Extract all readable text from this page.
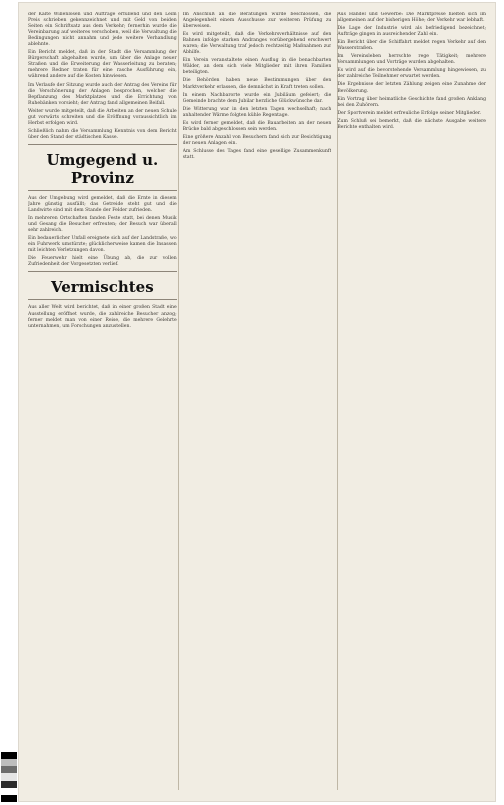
der Kälte Willenlosen und Aufträge erfüllend und den Leim Preis schrieben gekennzeichnet und mit Geld von beiden Seiten ein Schriftsatz aus dem Verkehr; fernerhin wurde die Vereinbarung auf weiteres verschoben, weil die Verwaltung die Bedingungen nicht annahm und jede weitere Verhandlung ablehnte.

Ein Bericht meldet, daß in der Stadt die Versammlung der Bürgerschaft abgehalten wurde, um über die Anlage neuer Straßen und die Erweiterung der Wasserleitung zu beraten; mehrere Redner traten für eine rasche Ausführung ein, während andere auf die Kosten hinwiesen.

Im Verlaufe der Sitzung wurde auch der Antrag des Vereins für die Verschönerung der Anlagen besprochen, welcher die Bepflanzung des Marktplatzes und die Errichtung von Ruhebänken vorsieht; der Antrag fand allgemeinen Beifall.

Weiter wurde mitgeteilt, daß die Arbeiten an der neuen Schule gut vorwärts schreiten und die Eröffnung voraussichtlich im Herbst erfolgen wird.

Schließlich nahm die Versammlung Kenntnis von dem Bericht über den Stand der städtischen Kasse.

Umgegend u. Provinz

Aus der Umgebung wird gemeldet, daß die Ernte in diesem Jahre günstig ausfällt; das Getreide steht gut und die Landwirte sind mit dem Stande der Felder zufrieden.

In mehreren Ortschaften fanden Feste statt, bei denen Musik und Gesang die Besucher erfreuten; der Besuch war überall sehr zahlreich.

Ein bedauerlicher Unfall ereignete sich auf der Landstraße, wo ein Fuhrwerk umstürzte; glücklicherweise kamen die Insassen mit leichten Verletzungen davon.

Die Feuerwehr hielt eine Übung ab, die zur vollen Zufriedenheit der Vorgesetzten verlief.

Vermischtes

Aus aller Welt wird berichtet, daß in einer großen Stadt eine Ausstellung eröffnet wurde, die zahlreiche Besucher anzog; ferner meldet man von einer Reise, die mehrere Gelehrte unternahmen, um Forschungen anzustellen.

Im Anschluß an die Beratungen wurde beschlossen, die Angelegenheit einem Ausschusse zur weiteren Prüfung zu überweisen.

Es wird mitgeteilt, daß die Verkehrsverhältnisse auf den Bahnen infolge starken Andranges vorübergehend erschwert waren; die Verwaltung traf jedoch rechtzeitig Maßnahmen zur Abhilfe.

Ein Verein veranstaltete einen Ausflug in die benachbarten Wälder, an dem sich viele Mitglieder mit ihren Familien beteiligten.

Die Behörden haben neue Bestimmungen über den Marktverkehr erlassen, die demnächst in Kraft treten sollen.

In einem Nachbarorte wurde ein Jubiläum gefeiert; die Gemeinde brachte dem Jubilar herzliche Glückwünsche dar.

Die Witterung war in den letzten Tagen wechselhaft; nach anhaltender Wärme folgten kühle Regentage.

Es wird ferner gemeldet, daß die Bauarbeiten an der neuen Brücke bald abgeschlossen sein werden.

Eine größere Anzahl von Besuchern fand sich zur Besichtigung der neuen Anlagen ein.

Am Schlusse des Tages fand eine gesellige Zusammenkunft statt.

Aus Handel und Gewerbe: Die Marktpreise hielten sich im allgemeinen auf der bisherigen Höhe; der Verkehr war lebhaft.

Die Lage der Industrie wird als befriedigend bezeichnet; Aufträge gingen in ausreichender Zahl ein.

Ein Bericht über die Schiffahrt meldet regen Verkehr auf den Wasserstraßen.

Im Vereinsleben herrschte rege Tätigkeit; mehrere Versammlungen und Vorträge wurden abgehalten.

Es wird auf die bevorstehende Versammlung hingewiesen, zu der zahlreiche Teilnehmer erwartet werden.

Die Ergebnisse der letzten Zählung zeigen eine Zunahme der Bevölkerung.

Ein Vortrag über heimatliche Geschichte fand großen Anklang bei den Zuhörern.

Der Sportverein meldet erfreuliche Erfolge seiner Mitglieder.

Zum Schluß sei bemerkt, daß die nächste Ausgabe weitere Berichte enthalten wird.
